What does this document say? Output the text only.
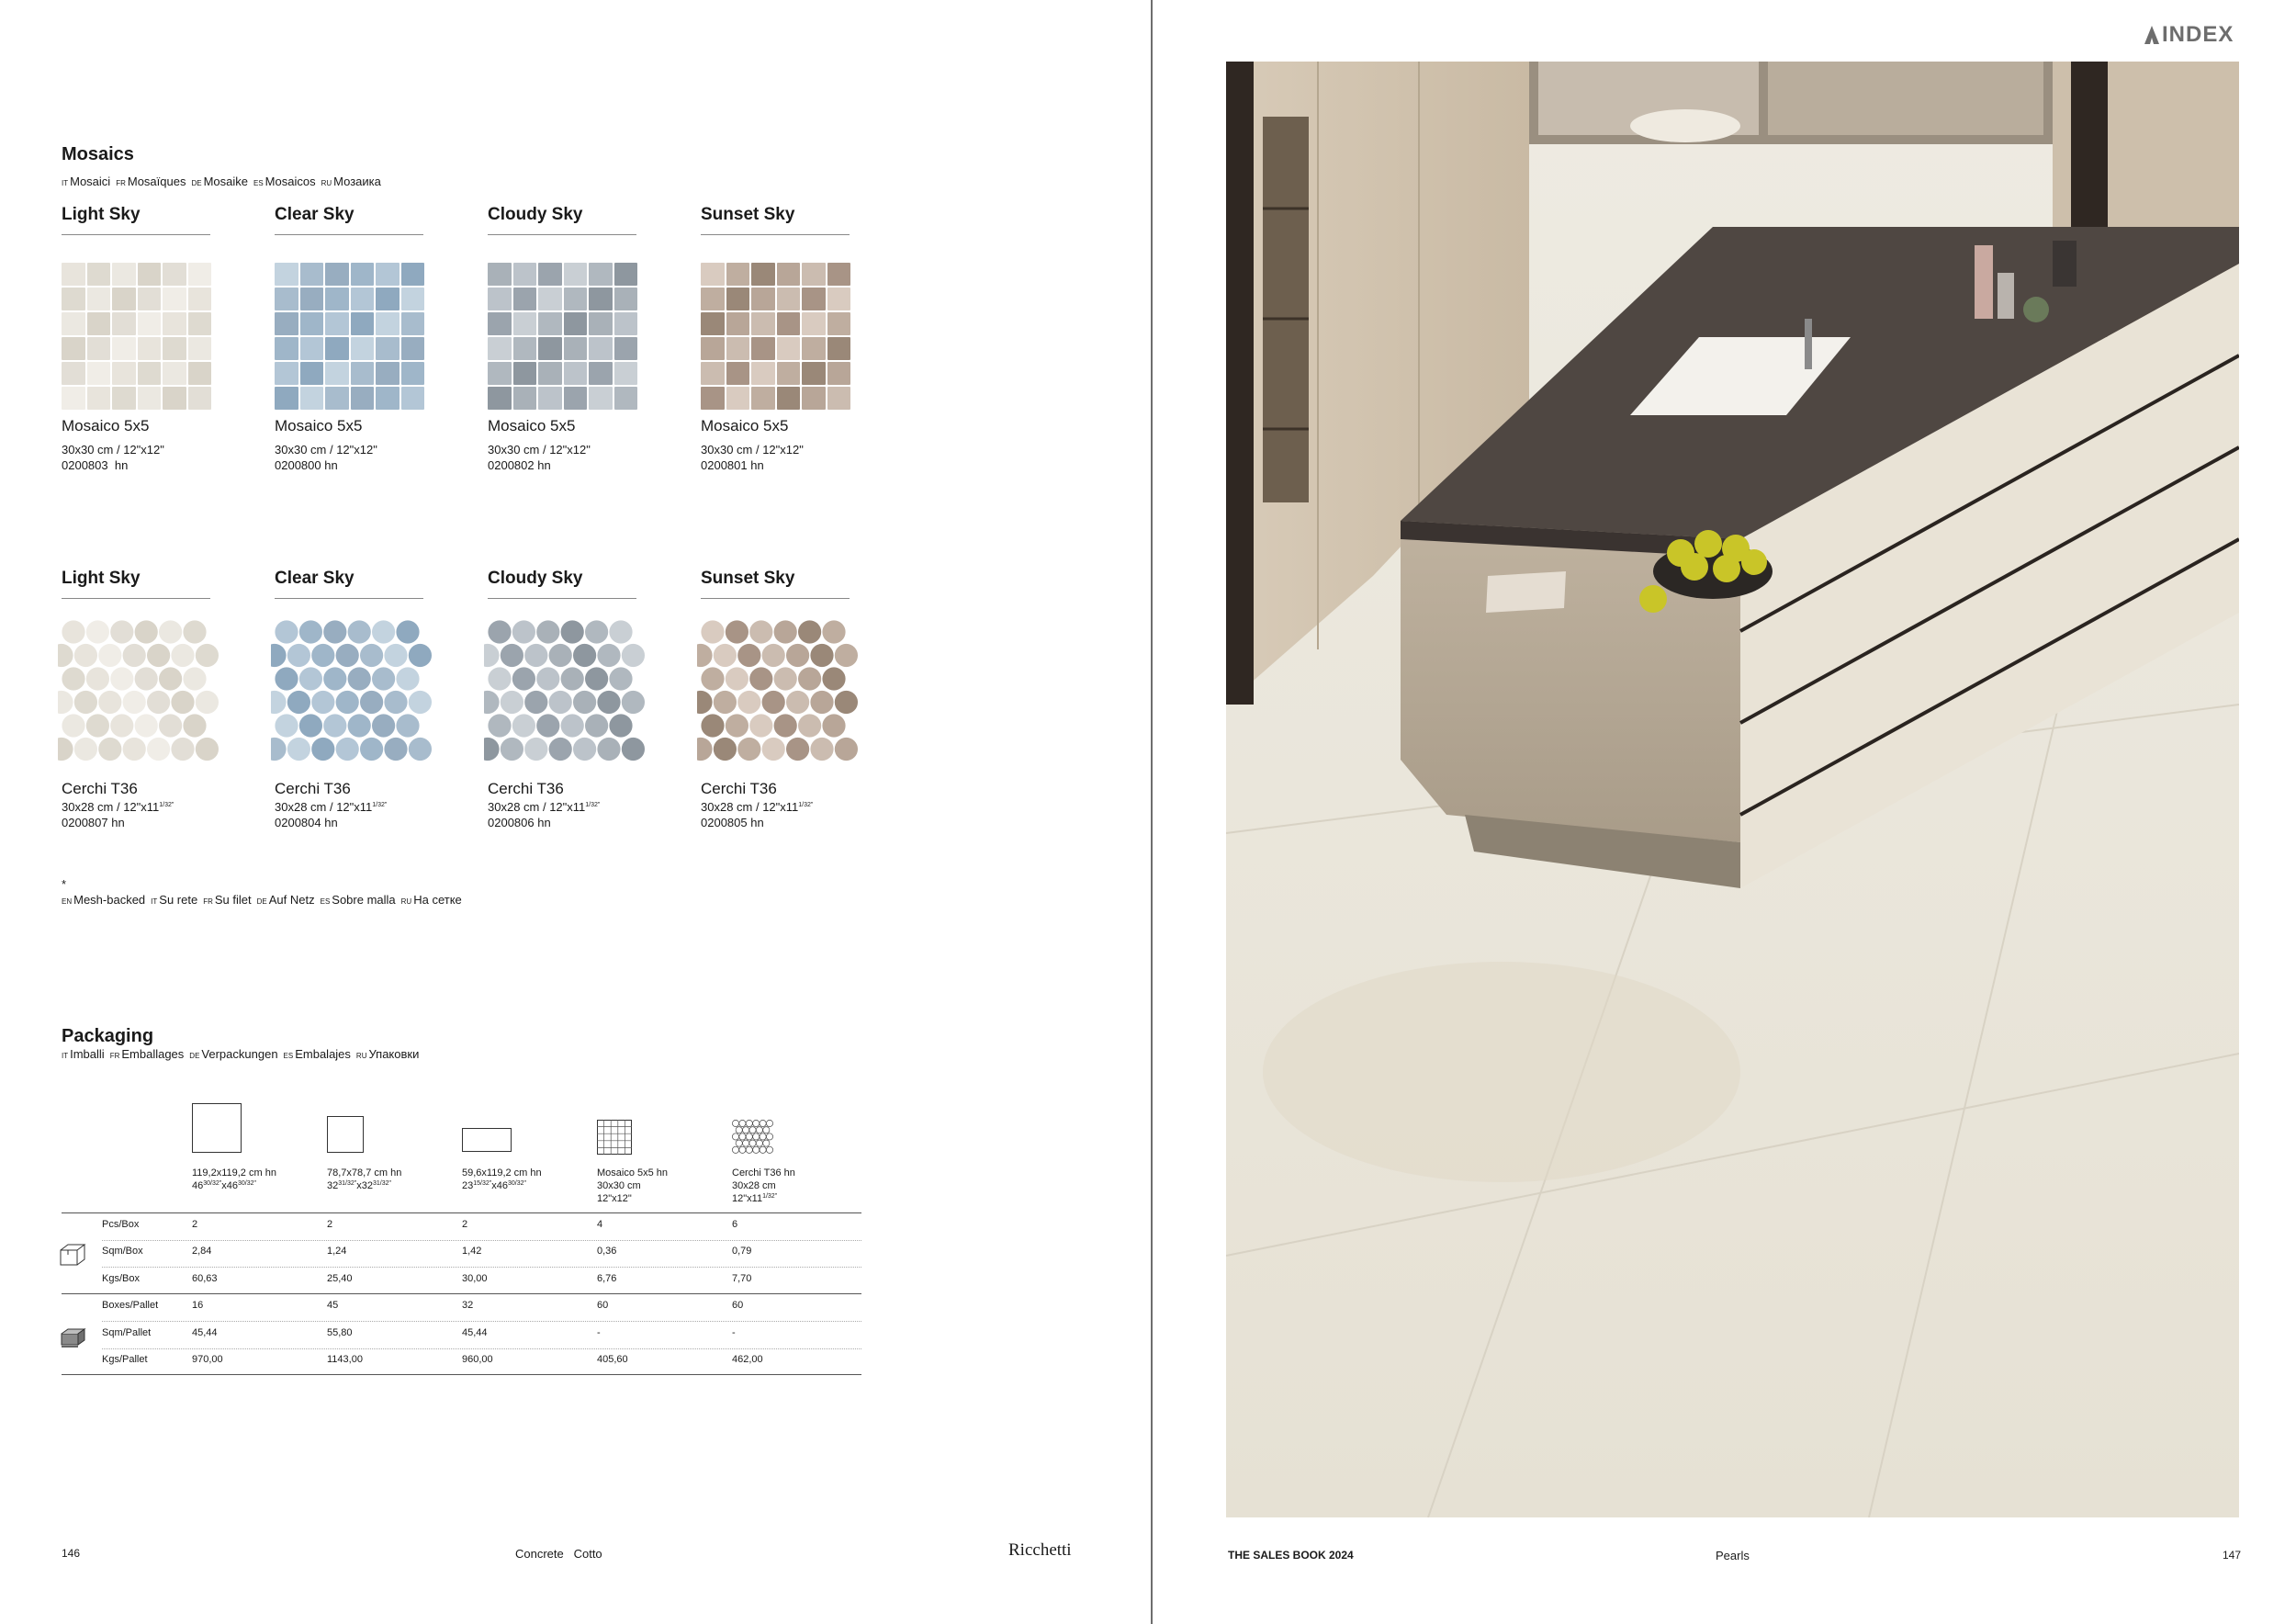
Mosaics
IT Mosaici FR Mosaïques DE Mosaike ES Mosaicos RU Мозаика
Light Sky
Mosaico 5x5
30x30 cm / 12"x12"
0200803  hn
Clear Sky
Mosaico 5x5
30x30 cm / 12"x12"
0200800 hn
Cloudy Sky
Mosaico 5x5
30x30 cm / 12"x12"
0200802 hn
Sunset Sky
Mosaico 5x5
30x30 cm / 12"x12"
0200801 hn
Light Sky
Cerchi T36
30x28 cm / $12"x11^{1/32"}$
0200807 hn
Clear Sky
Cerchi T36
30x28 cm / $12"x11^{1/32"}$
0200804 hn
Cloudy Sky
Cerchi T36
30x28 cm / $12"x11^{1/32"}$
0200806 hn
Sunset Sky
Cerchi T36
30x28 cm / $12"x11^{1/32"}$
0200805 hn
*
EN Mesh-backed IT Su rete FR Su filet DE Auf Netz ES Sobre malla RU На сетке
Packaging
IT Imballi FR Emballages DE Verpackungen ES Embalajes RU Упаковки
119,2x119,2 cm hn
$46^{30/32"}x46^{30/32"}$
78,7x78,7 cm hn
$32^{31/32"}x32^{31/32"}$
59,6x119,2 cm hn
$23^{15/32"}x46^{30/32"}$
Mosaico 5x5 hn
30x30 cm
12"x12"
Cerchi T36 hn
30x28 cm
$12"x11^{1/32"}$
Pcs/Box	2	2	2	4	6
Sqm/Box	2,84	1,24	1,42	0,36	0,79
Kgs/Box	60,63	25,40	30,00	6,76	7,70
Boxes/Pallet	16	45	32	60	60
Sqm/Pallet	45,44	55,80	45,44	-	-
Kgs/Pallet	970,00	1143,00	960,00	405,60	462,00
146	Concrete   Cotto	Ricchetti
INDEX
THE SALES BOOK 2024	Pearls	147
